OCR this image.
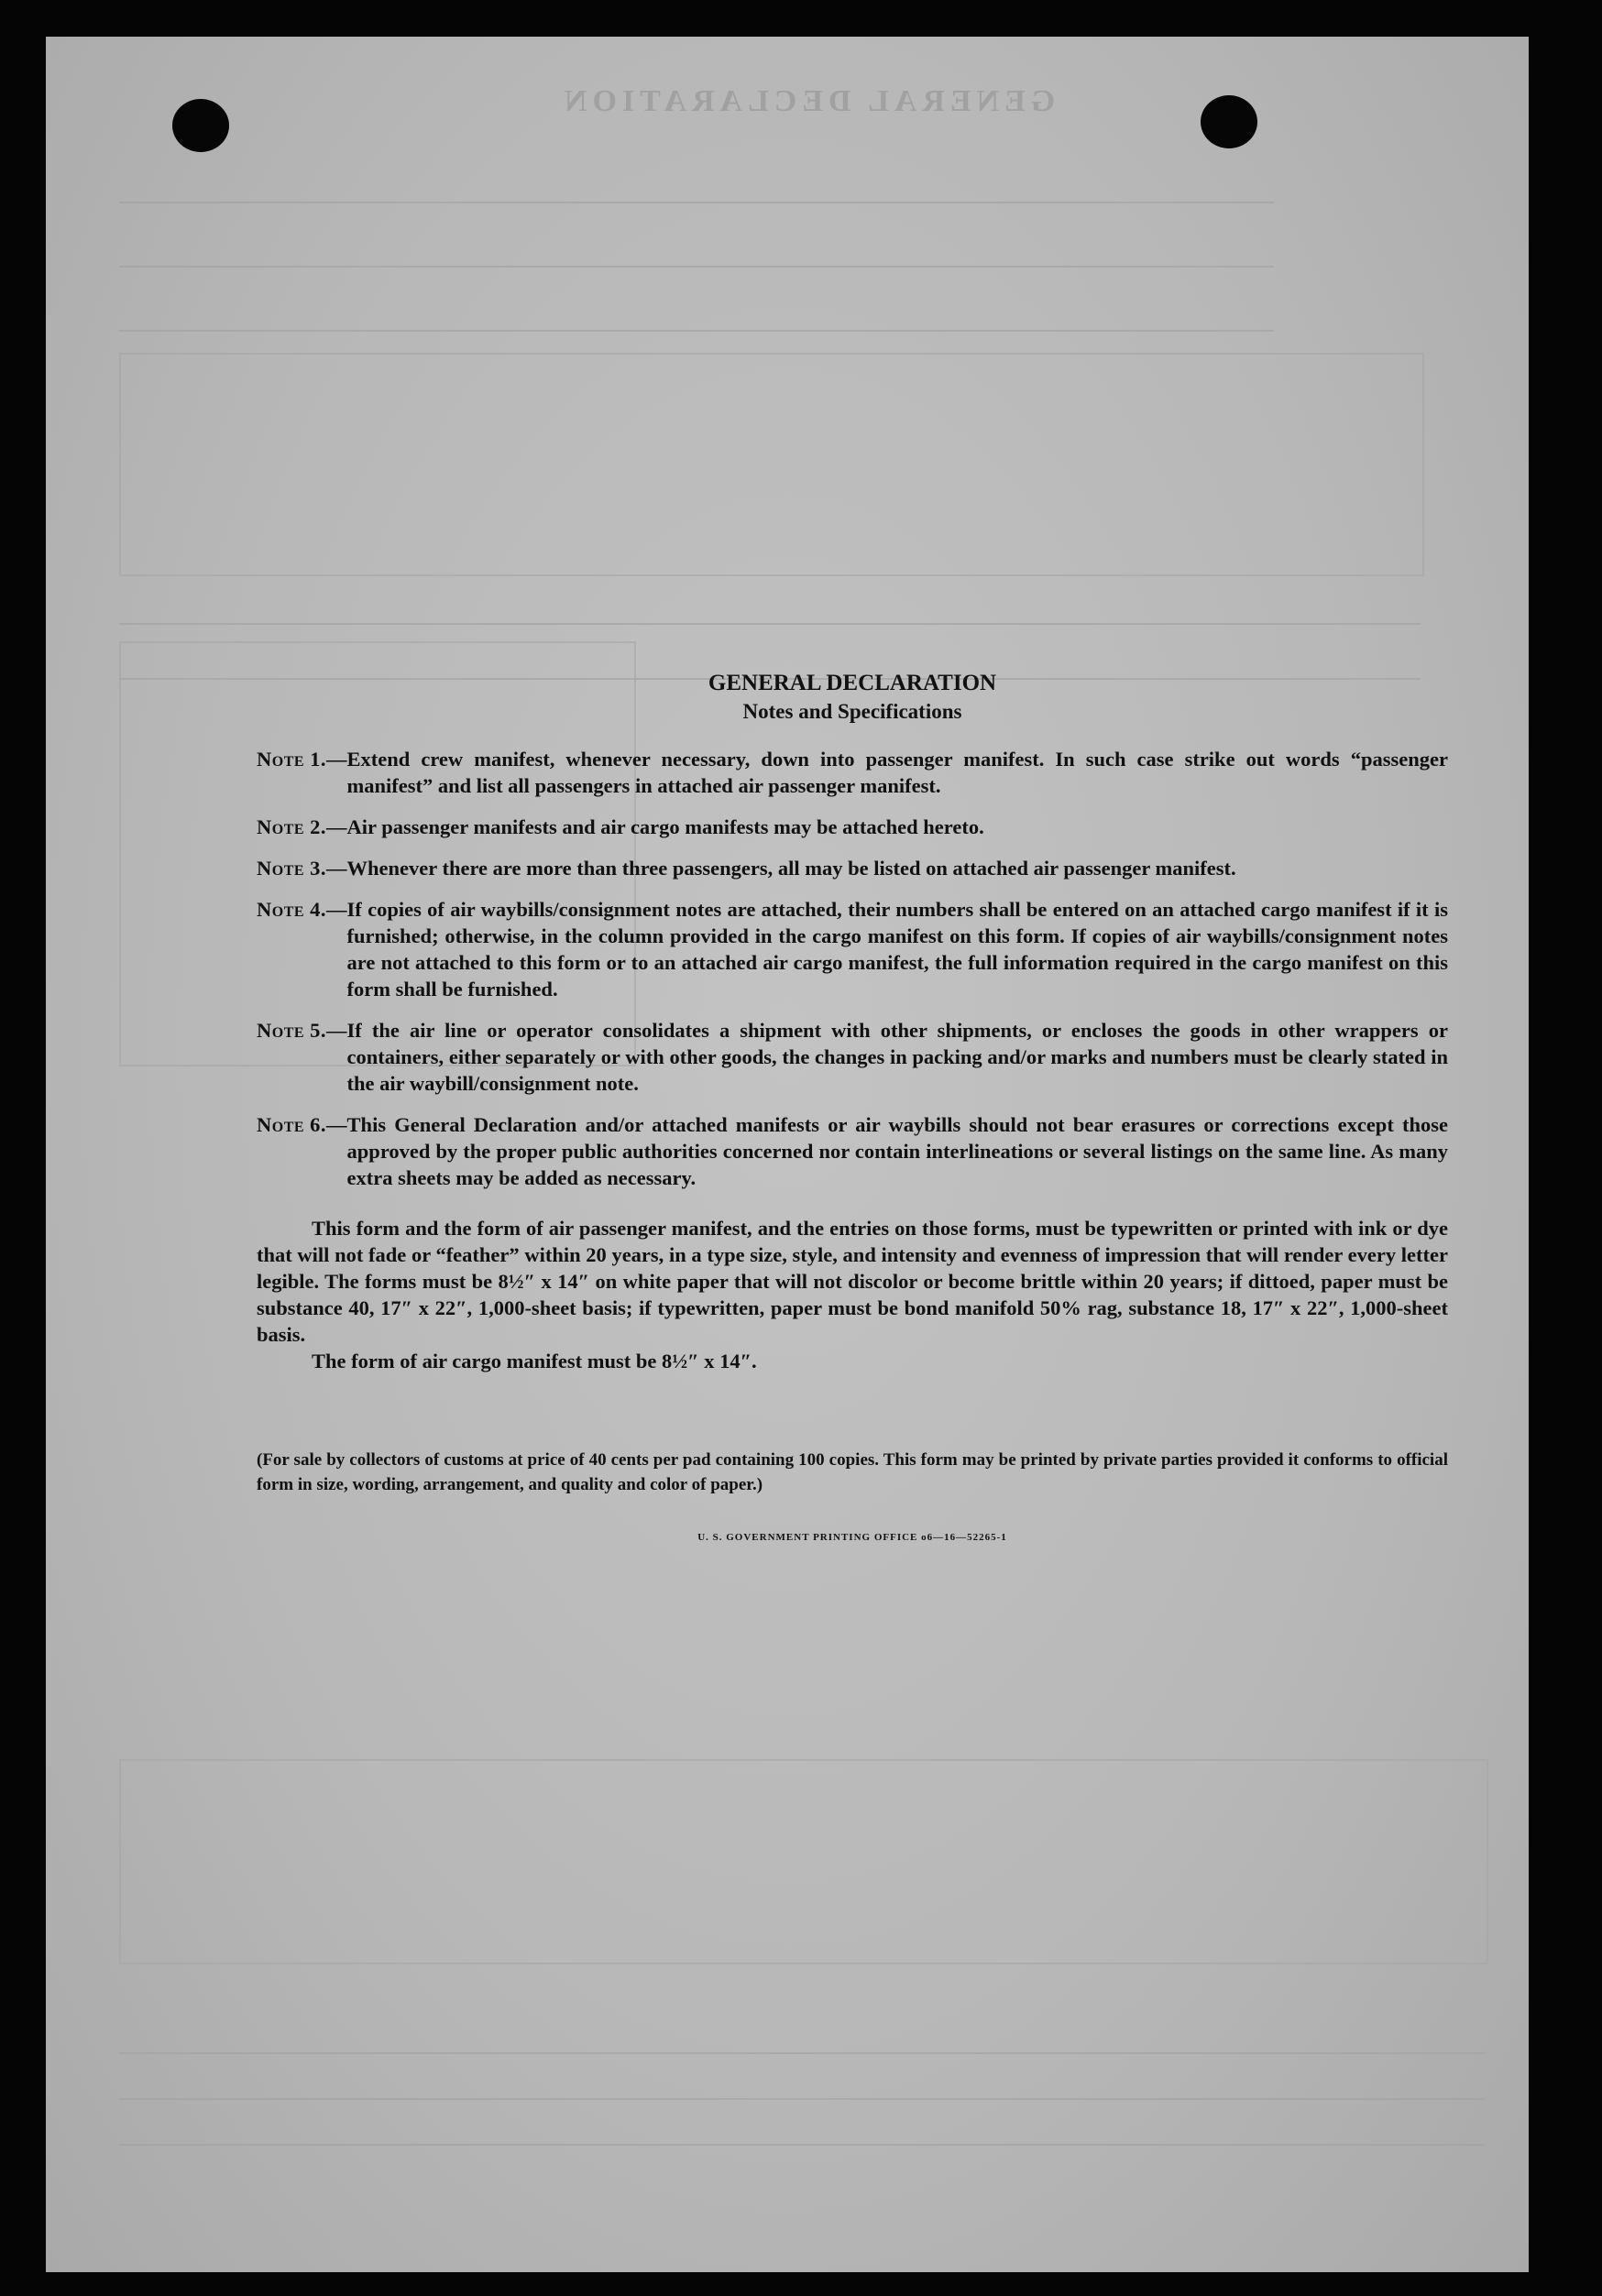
GENERAL DECLARATION
GENERAL DECLARATION
Notes and Specifications
Note 1. — Extend crew manifest, whenever necessary, down into passenger manifest. In such case strike out words “passenger manifest” and list all passengers in attached air passenger manifest.
Note 2. — Air passenger manifests and air cargo manifests may be attached hereto.
Note 3. — Whenever there are more than three passengers, all may be listed on attached air passenger manifest.
Note 4. — If copies of air waybills/consignment notes are attached, their numbers shall be entered on an attached cargo manifest if it is furnished; otherwise, in the column provided in the cargo manifest on this form. If copies of air waybills/consignment notes are not attached to this form or to an attached air cargo manifest, the full information required in the cargo manifest on this form shall be furnished.
Note 5. — If the air line or operator consolidates a shipment with other shipments, or encloses the goods in other wrappers or containers, either separately or with other goods, the changes in packing and/or marks and numbers must be clearly stated in the air waybill/consignment note.
Note 6. — This General Declaration and/or attached manifests or air waybills should not bear erasures or corrections except those approved by the proper public authorities concerned nor contain interlineations or several listings on the same line. As many extra sheets may be added as necessary.
This form and the form of air passenger manifest, and the entries on those forms, must be typewritten or printed with ink or dye that will not fade or “feather” within 20 years, in a type size, style, and intensity and evenness of impression that will render every letter legible. The forms must be 8½″ x 14″ on white paper that will not discolor or become brittle within 20 years; if dittoed, paper must be substance 40, 17″ x 22″, 1,000-sheet basis; if typewritten, paper must be bond manifold 50% rag, substance 18, 17″ x 22″, 1,000-sheet basis.
The form of air cargo manifest must be 8½″ x 14″.
(For sale by collectors of customs at price of 40 cents per pad containing 100 copies. This form may be printed by private parties provided it conforms to official form in size, wording, arrangement, and quality and color of paper.)
U. S. GOVERNMENT PRINTING OFFICE o6—16—52265-1
